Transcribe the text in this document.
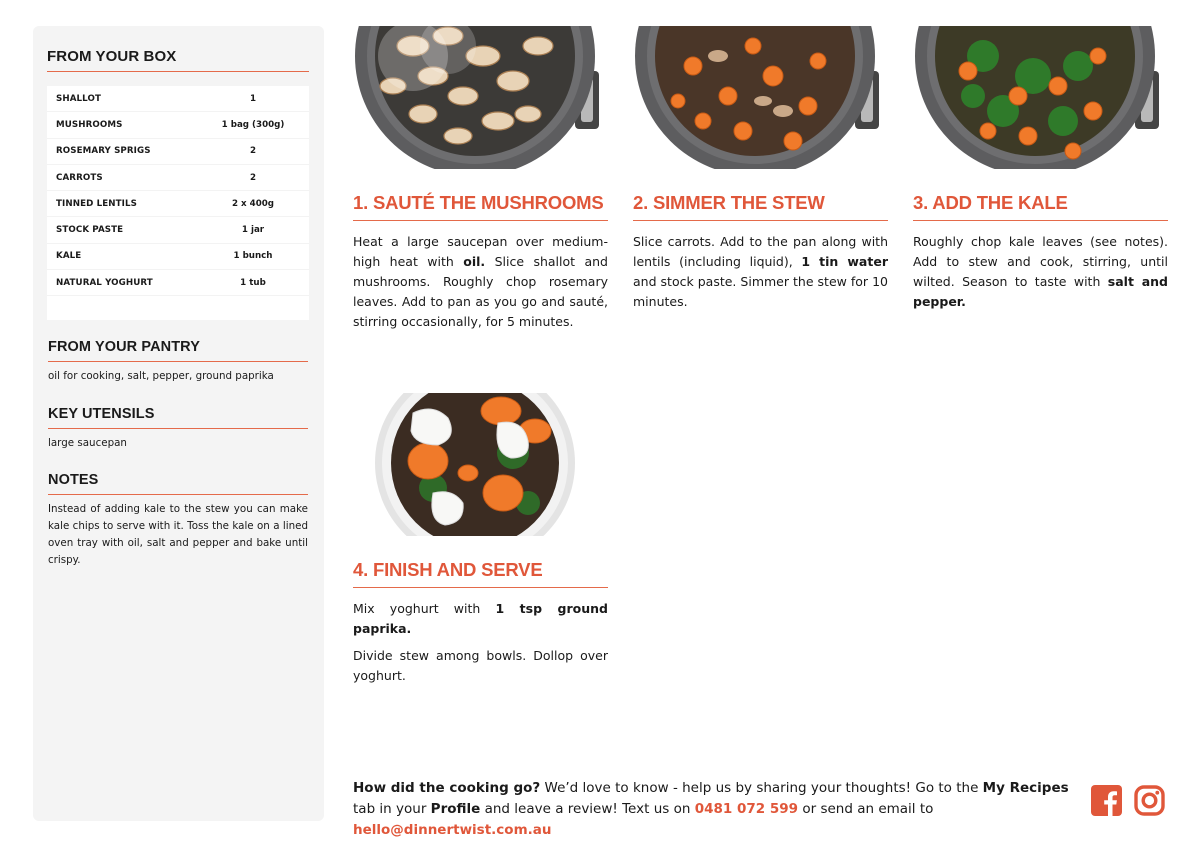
FROM YOUR BOX
SHALLOT	1
MUSHROOMS	1 bag (300g)
ROSEMARY SPRIGS	2
CARROTS	2
TINNED LENTILS	2 x 400g
STOCK PASTE	1 jar
KALE	1 bunch
NATURAL YOGHURT	1 tub
FROM YOUR PANTRY
oil for cooking, salt, pepper, ground paprika
KEY UTENSILS
large saucepan
NOTES
Instead of adding kale to the stew you can make kale chips to serve with it. Toss the kale on a lined oven tray with oil, salt and pepper and bake until crispy.
1. SAUTÉ THE MUSHROOMS

Heat a large saucepan over medium-high heat with oil. Slice shallot and mushrooms. Roughly chop rosemary leaves. Add to pan as you go and sauté, stirring occasionally, for 5 minutes.

2. SIMMER THE STEW

Slice carrots. Add to the pan along with lentils (including liquid), 1 tin water and stock paste. Simmer the stew for 10 minutes.

3. ADD THE KALE

Roughly chop kale leaves (see notes). Add to stew and cook, stirring, until wilted. Season to taste with salt and pepper.

4. FINISH AND SERVE

Mix yoghurt with 1 tsp ground paprika.

Divide stew among bowls. Dollop over yoghurt.

How did the cooking go? We’d love to know - help us by sharing your thoughts! Go to the My Recipes tab in your Profile and leave a review! Text us on 0481 072 599 or send an email to hello@dinnertwist.com.au
